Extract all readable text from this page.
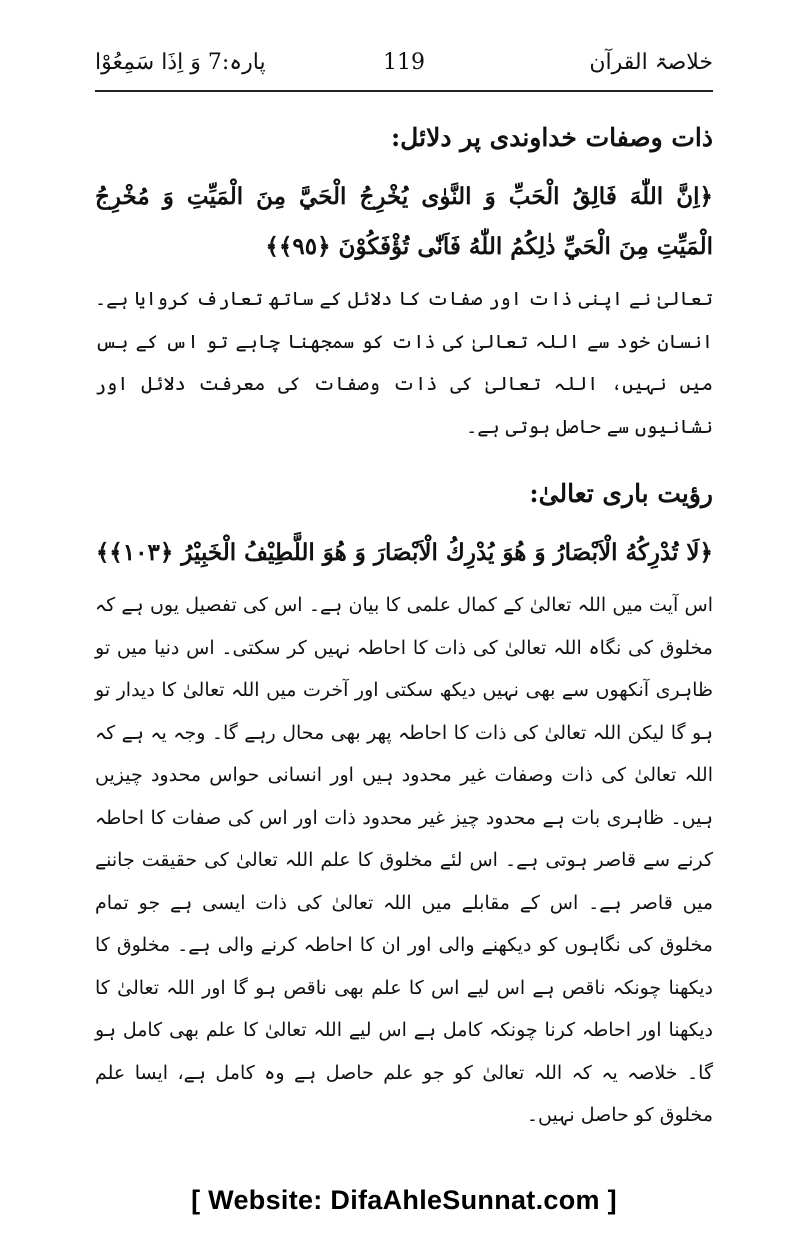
خلاصۃ القرآن
119
پارہ:7 وَ اِذَا سَمِعُوْا
ذات وصفات خداوندی پر دلائل:
﴿اِنَّ اللّٰهَ فَالِقُ الْحَبِّ وَ النَّوٰى يُخْرِجُ الْحَيَّ مِنَ الْمَيِّتِ وَ مُخْرِجُ الْمَيِّتِ مِنَ الْحَيِّ ذٰلِكُمُ اللّٰهُ فَاَنّٰى تُؤْفَكُوْنَ ﴿٩٥﴾﴾

تعالیٰ نے اپنی ذات اور صفات کا دلائل کے ساتھ تعارف کروایا ہے۔ انسان خود سے اللہ تعالیٰ کی ذات کو سمجھنا چاہے تو اس کے بس میں نہیں، اللہ تعالیٰ کی ذات وصفات کی معرفت دلائل اور نشانیوں سے حاصل ہوتی ہے۔

رؤیت باری تعالیٰ:
﴿لَا تُدْرِكُهُ الْاَبْصَارُ وَ هُوَ يُدْرِكُ الْاَبْصَارَ وَ هُوَ اللَّطِيْفُ الْخَبِيْرُ ﴿١٠٣﴾﴾

اس آیت میں اللہ تعالیٰ کے کمال علمی کا بیان ہے۔ اس کی تفصیل یوں ہے کہ مخلوق کی نگاہ اللہ تعالیٰ کی ذات کا احاطہ نہیں کر سکتی۔ اس دنیا میں تو ظاہری آنکھوں سے بھی نہیں دیکھ سکتی اور آخرت میں اللہ تعالیٰ کا دیدار تو ہو گا لیکن اللہ تعالیٰ کی ذات کا احاطہ پھر بھی محال رہے گا۔ وجہ یہ ہے کہ اللہ تعالیٰ کی ذات وصفات غیر محدود ہیں اور انسانی حواس محدود چیزیں ہیں۔ ظاہری بات ہے محدود چیز غیر محدود ذات اور اس کی صفات کا احاطہ کرنے سے قاصر ہوتی ہے۔ اس لئے مخلوق کا علم اللہ تعالیٰ کی حقیقت جاننے میں قاصر ہے۔ اس کے مقابلے میں اللہ تعالیٰ کی ذات ایسی ہے جو تمام مخلوق کی نگاہوں کو دیکھنے والی اور ان کا احاطہ کرنے والی ہے۔ مخلوق کا دیکھنا چونکہ ناقص ہے اس لیے اس کا علم بھی ناقص ہو گا اور اللہ تعالیٰ کا دیکھنا اور احاطہ کرنا چونکہ کامل ہے اس لیے اللہ تعالیٰ کا علم بھی کامل ہو گا۔ خلاصہ یہ کہ اللہ تعالیٰ کو جو علم حاصل ہے وہ کامل ہے، ایسا علم مخلوق کو حاصل نہیں۔

[ Website: DifaAhleSunnat.com ]
